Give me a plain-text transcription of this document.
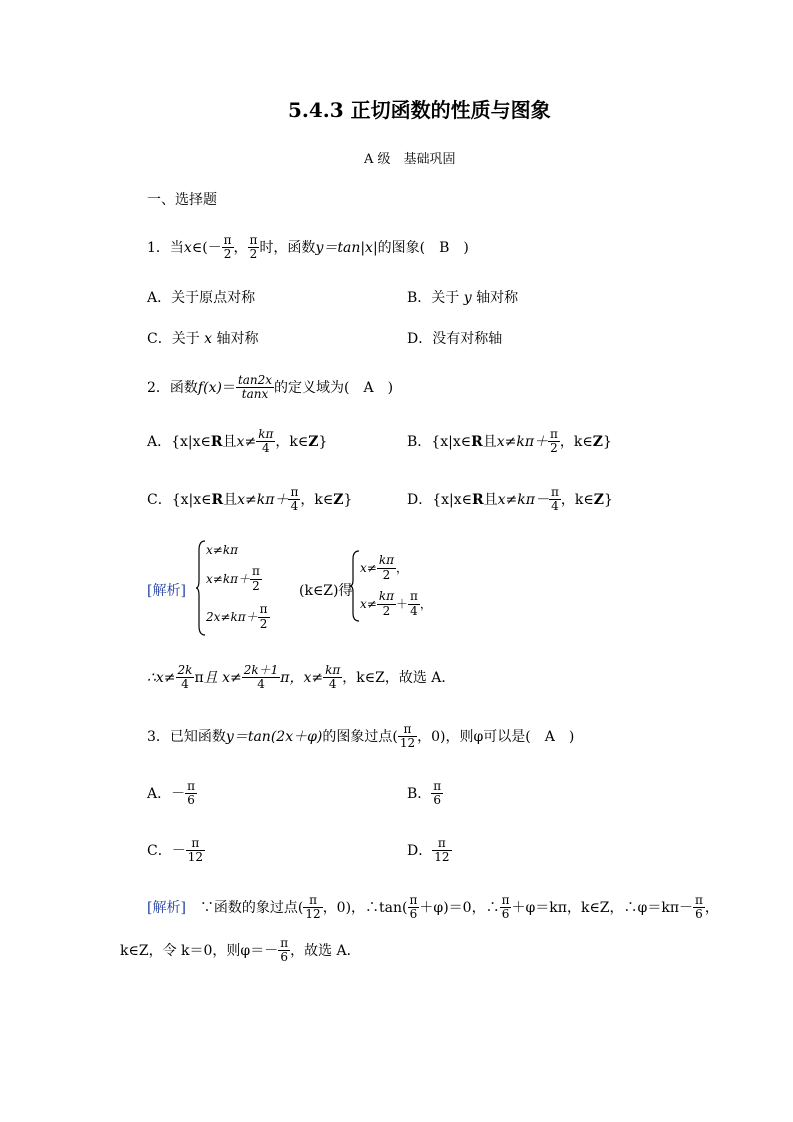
5.4.3 正切函数的性质与图象
A 级　基础巩固
一、选择题
1．当 x ∈(－ $\frac{\pi}{2}$ ， $\frac{\pi}{2}$ 时，函数 y＝tan|x| 的图象(　B　)
A．关于原点对称	B．关于 y 轴对称
C．关于 x 轴对称	D．没有对称轴
2．函数 $f(x) = \frac{\tan 2x}{\tan x}$ 的定义域为(　A　)
A． {x|x∈ R 且 $x\ne \frac{k\pi}{4}$ ，k∈ Z }	B． {x|x∈ R 且 $x\ne k\pi+ \frac{\pi}{2}$ ，k∈ Z }
C． {x|x∈ R 且 $x\ne k\pi+ \frac{\pi}{4}$ ，k∈ Z }	D． {x|x∈ R 且 $x\ne k\pi- \frac{\pi}{4}$ ，k∈ Z }
[解析]
x≠kπ
$x\ne k\pi+ \frac{\pi}{2}$
$2x\ne k\pi+ \frac{\pi}{2}$
(k∈Z)得
$x\ne \frac{k\pi}{2}$ ，
$x\ne \frac{k\pi}{2} + \frac{\pi}{4}$ ，
∴x≠ $\frac{2k}{4}$ π 且 $x\ne \frac{2k+1}{4}$ π，$x\ne \frac{k\pi}{4}$ ，k∈Z，故选 A．
3．已知函数 y＝tan(2x＋φ) 的图象过点( $\frac{\pi}{12}$ ，0)，则φ可以是(　A　)
A．－ $\frac{\pi}{6}$	B． $\frac{\pi}{6}$
C．－ $\frac{\pi}{12}$	D． $\frac{\pi}{12}$
[解析] ∵函数的象过点( $\frac{\pi}{12}$ ，0)，∴tan( $\frac{\pi}{6} +\varphi)=0$，∴ $\frac{\pi}{6} +\varphi=k\pi$，k∈Z，∴φ＝kπ－ $\frac{\pi}{6}$ ，
k∈Z，令 k＝0，则$\varphi=- \frac{\pi}{6}$ ，故选 A．
